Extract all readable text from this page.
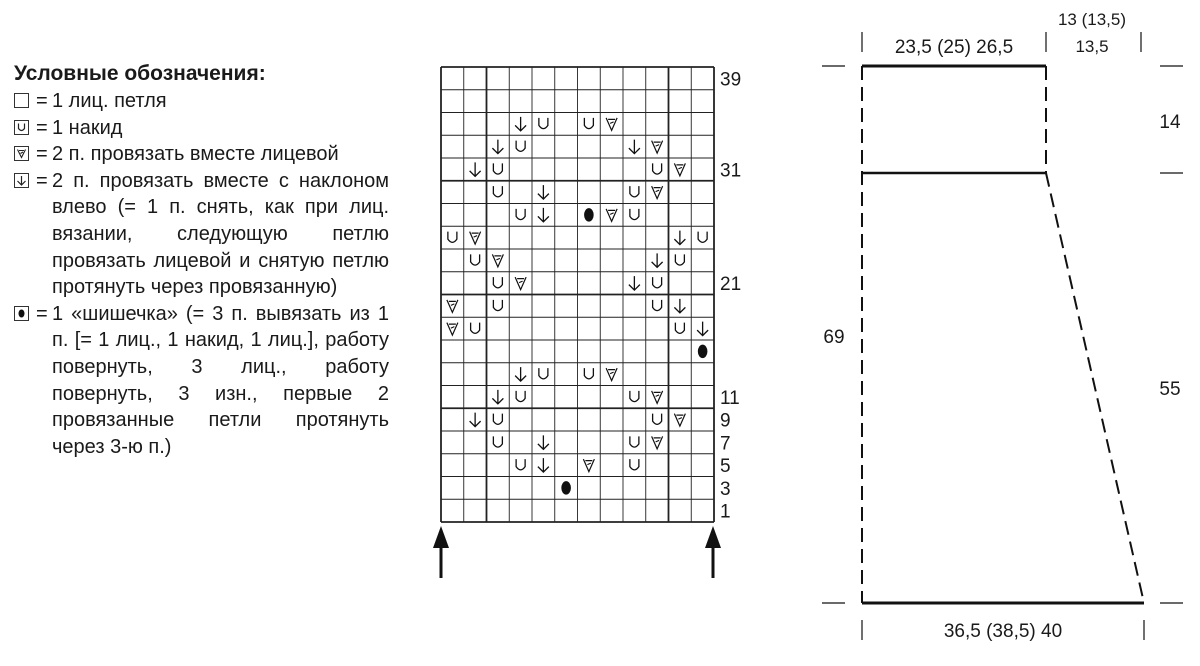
Условные обозначения:
= 1 лиц. петля
= 1 накид
= 2 п. провязать вместе лицевой
= 2 п. провязать вместе с наклоном влево (= 1 п. снять, как при лиц. вязании, следующую петлю провязать лицевой и снятую петлю протянуть через провязанную)
= 1 «шишечка» (= 3 п. вывязать из 1 п. [= 1 лиц., 1 накид, 1 лиц.], работу повернуть, 3 лиц., работу повернуть, 3 изн., первые 2 провязанные петли протянуть через 3-ю п.)
1
3
5
7
9
11
21
31
39
23,5 (25) 26,5
13 (13,5)
13,5
14
69
55
36,5 (38,5) 40
